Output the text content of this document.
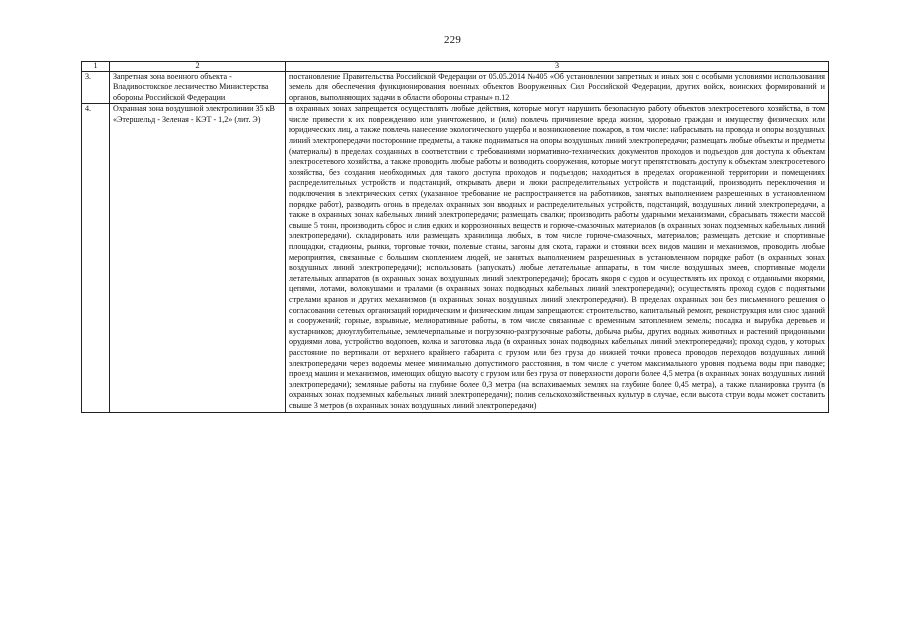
229
1	2	3
3.	Запретная зона военного объекта - Владивостокское лесничество Министерства обороны Российской Федерации	постановление Правительства Российской Федерации от 05.05.2014 №405 «Об установлении запретных и иных зон с особыми условиями использования земель для обеспечения функционирования военных объектов Вооруженных Сил Российской Федерации, других войск, воинских формирований и органов, выполняющих задачи в области обороны страны» п.12
4.	Охранная зона воздушной электролинии 35 кВ «Этершельд - Зеленая - КЭТ - 1,2» (лит. Э)	в охранных зонах запрещается осуществлять любые действия, которые могут нарушить безопасную работу объектов электросетевого хозяйства, в том числе привести к их повреждению или уничтожению, и (или) повлечь причинение вреда жизни, здоровью граждан и имуществу физических или юридических лиц, а также повлечь нанесение экологического ущерба и возникновение пожаров, в том числе: набрасывать на провода и опоры воздушных линий электропередачи посторонние предметы, а также подниматься на опоры воздушных линий электропередачи; размещать любые объекты и предметы (материалы) в пределах созданных в соответствии с требованиями нормативно-технических документов проходов и подъездов для доступа к объектам электросетевого хозяйства, а также проводить любые работы и возводить сооружения, которые могут препятствовать доступу к объектам электросетевого хозяйства, без создания необходимых для такого доступа проходов и подъездов; находиться в пределах огороженной территории и помещениях распределительных устройств и подстанций, открывать двери и люки распределительных устройств и подстанций, производить переключения и подключения в электрических сетях (указанное требование не распространяется на работников, занятых выполнением разрешенных в установленном порядке работ), разводить огонь в пределах охранных зон вводных и распределительных устройств, подстанций, воздушных линий электропередачи, а также в охранных зонах кабельных линий электропередачи; размещать свалки; производить работы ударными механизмами, сбрасывать тяжести массой свыше 5 тонн, производить сброс и слив едких и коррозионных веществ и горюче-смазочных материалов (в охранных зонах подземных кабельных линий электропередачи). складировать или размещать хранилища любых, в том числе горюче-смазочных, материалов; размещать детские и спортивные площадки, стадионы, рынки, торговые точки, полевые станы, загоны для скота, гаражи и стоянки всех видов машин и механизмов, проводить любые мероприятия, связанные с большим скоплением людей, не занятых выполнением разрешенных в установленном порядке работ (в охранных зонах воздушных линий электропередачи); использовать (запускать) любые летательные аппараты, в том числе воздушных змеев, спортивные модели летательных аппаратов (в охранных зонах воздушных линий электропередачи); бросать якоря с судов и осуществлять их проход с отданными якорями, цепями, лотами, волокушами и тралами (в охранных зонах подводных кабельных линий электропередачи); осуществлять проход судов с поднятыми стрелами кранов и других механизмов (в охранных зонах воздушных линий электропередачи). В пределах охранных зон без письменного решения о согласовании сетевых организаций юридическим и физическим лицам запрещаются: строительство, капитальный ремонт, реконструкция или снос зданий и сооружений; горные, взрывные, мелиоративные работы, в том числе связанные с временным затоплением земель; посадка и вырубка деревьев и кустарников; дноуглубительные, землечерпальные и погрузочно-разгрузочные работы, добыча рыбы, других водных животных и растений придонными орудиями лова, устройство водопоев, колка и заготовка льда (в охранных зонах подводных кабельных линий электропередачи); проход судов, у которых расстояние по вертикали от верхнего крайнего габарита с грузом или без груза до нижней точки провеса проводов переходов воздушных линий электропередачи через водоемы менее минимально допустимого расстояния, в том числе с учетом максимального уровня подъема воды при паводке; проезд машин и механизмов, имеющих общую высоту с грузом или без груза от поверхности дороги более 4,5 метра (в охранных зонах воздушных линий электропередачи); земляные работы на глубине более 0,3 метра (на вспахиваемых землях на глубине более 0,45 метра), а также планировка грунта (в охранных зонах подземных кабельных линий электропередачи); полив сельскохозяйственных культур в случае, если высота струи воды может составить свыше 3 метров (в охранных зонах воздушных линий электропередачи)
